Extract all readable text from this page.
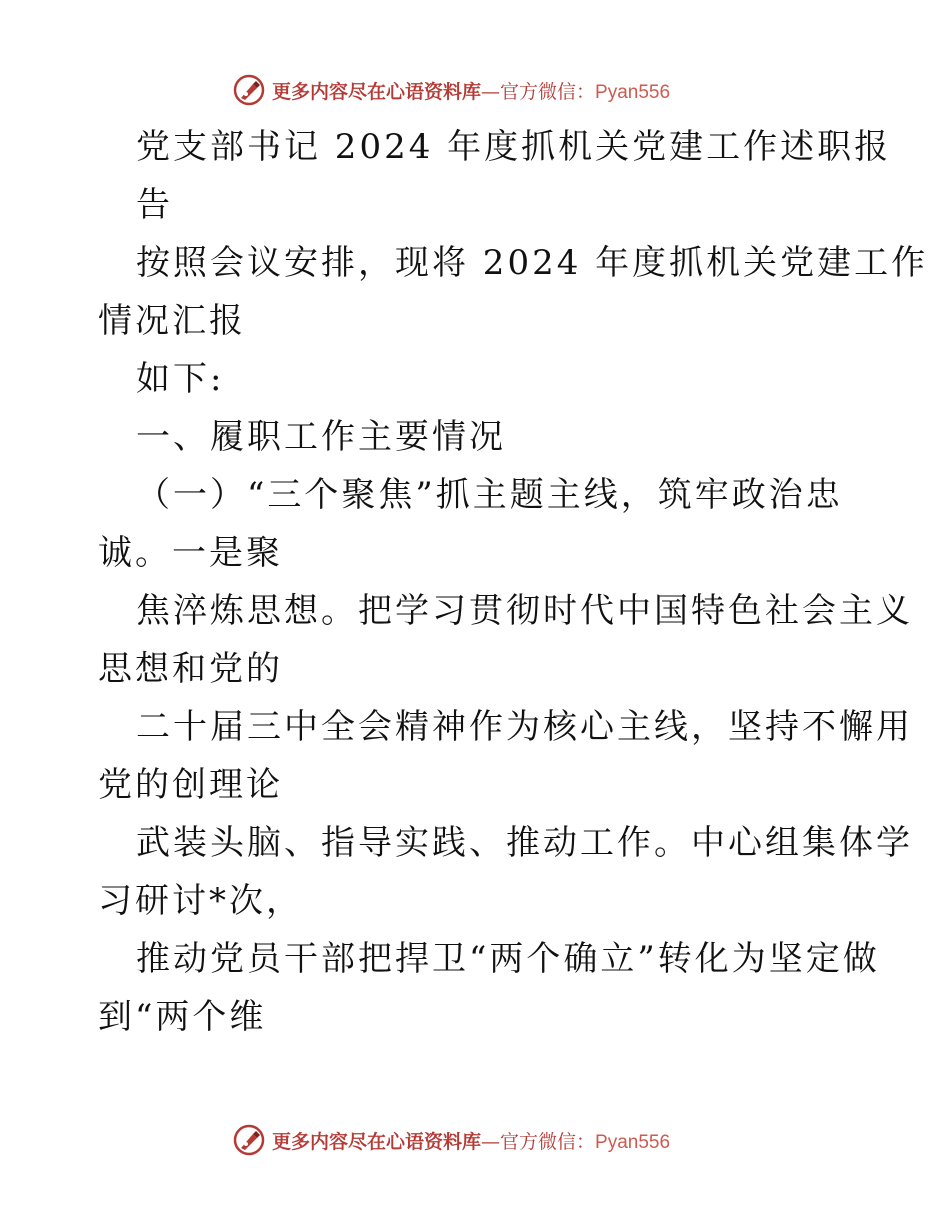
更多内容尽在心语资料库—官方微信：Pyan556
党支部书记 2024 年度抓机关党建工作述职报
告
按照会议安排，现将 2024 年度抓机关党建工作
情况汇报
如下:
一、履职工作主要情况
（一）“三个聚焦”抓主题主线，筑牢政治忠
诚。一是聚
焦淬炼思想。把学习贯彻时代中国特色社会主义
思想和党的
二十届三中全会精神作为核心主线，坚持不懈用
党的创理论
武装头脑、指导实践、推动工作。中心组集体学
习研讨*次，
推动党员干部把捍卫“两个确立”转化为坚定做
到“两个维
更多内容尽在心语资料库—官方微信：Pyan556
